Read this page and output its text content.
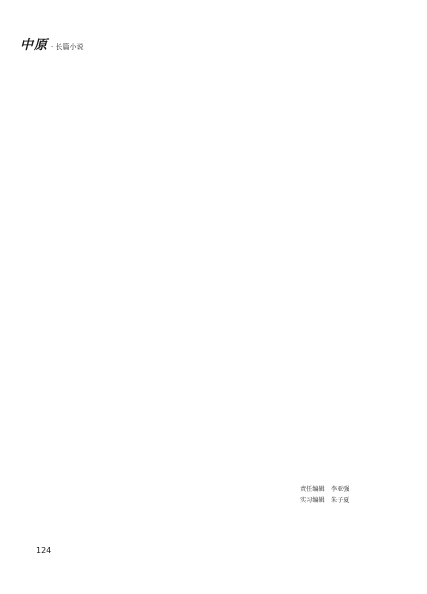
中原 · 长篇小说

责任编辑　李亚强
实习编辑　朱子夏
124
